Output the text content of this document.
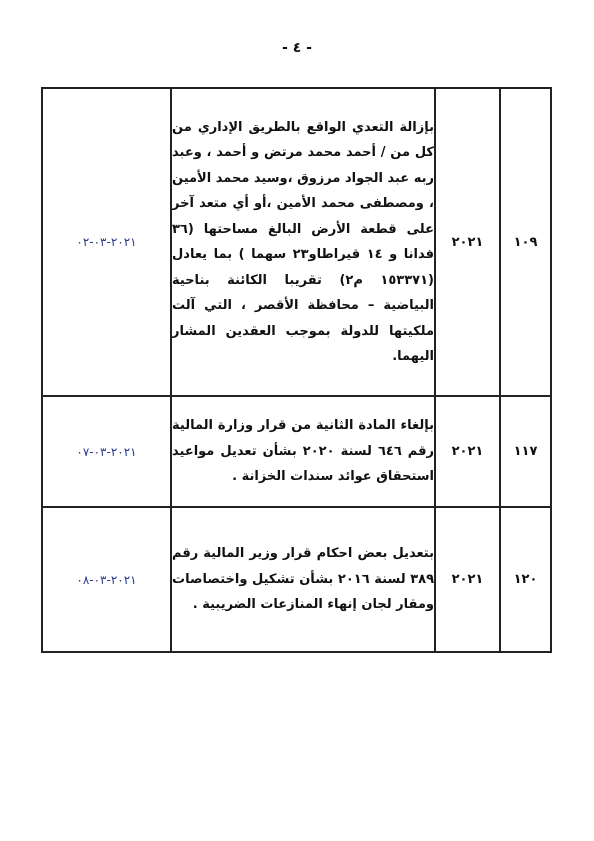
- ٤ -
١٠٩	٢٠٢١	بإزالة التعدي الواقع بالطريق الإداري من كل من / أحمد محمد مرتض و أحمد ، وعبد ربه عبد الجواد مرزوق ،وسيد محمد الأمين ، ومصطفى محمد الأمين ،أو أي متعد آخر على قطعة الأرض البالغ مساحتها (٣٦ فدانا و ١٤ قيراطاو٢٣ سهما ) بما يعادل (١٥٣٣٧١ م٢) تقريبا الكائنة بناحية البياضية – محافظة الأقصر ، التي آلت ملكيتها للدولة بموجب العقدين المشار اليهما.	٢٠٢١-٠٣-٠٢
١١٧	٢٠٢١	بإلغاء المادة الثانية من قرار وزارة المالية رقم ٦٤٦ لسنة ٢٠٢٠ بشأن تعديل مواعيد استحقاق عوائد سندات الخزانة .	٢٠٢١-٠٣-٠٧
١٢٠	٢٠٢١	بتعديل بعض احكام قرار وزير المالية رقم ٣٨٩ لسنة ٢٠١٦ بشأن تشكيل واختصاصات ومقار لجان إنهاء المنازعات الضريبية .	٢٠٢١-٠٣-٠٨
